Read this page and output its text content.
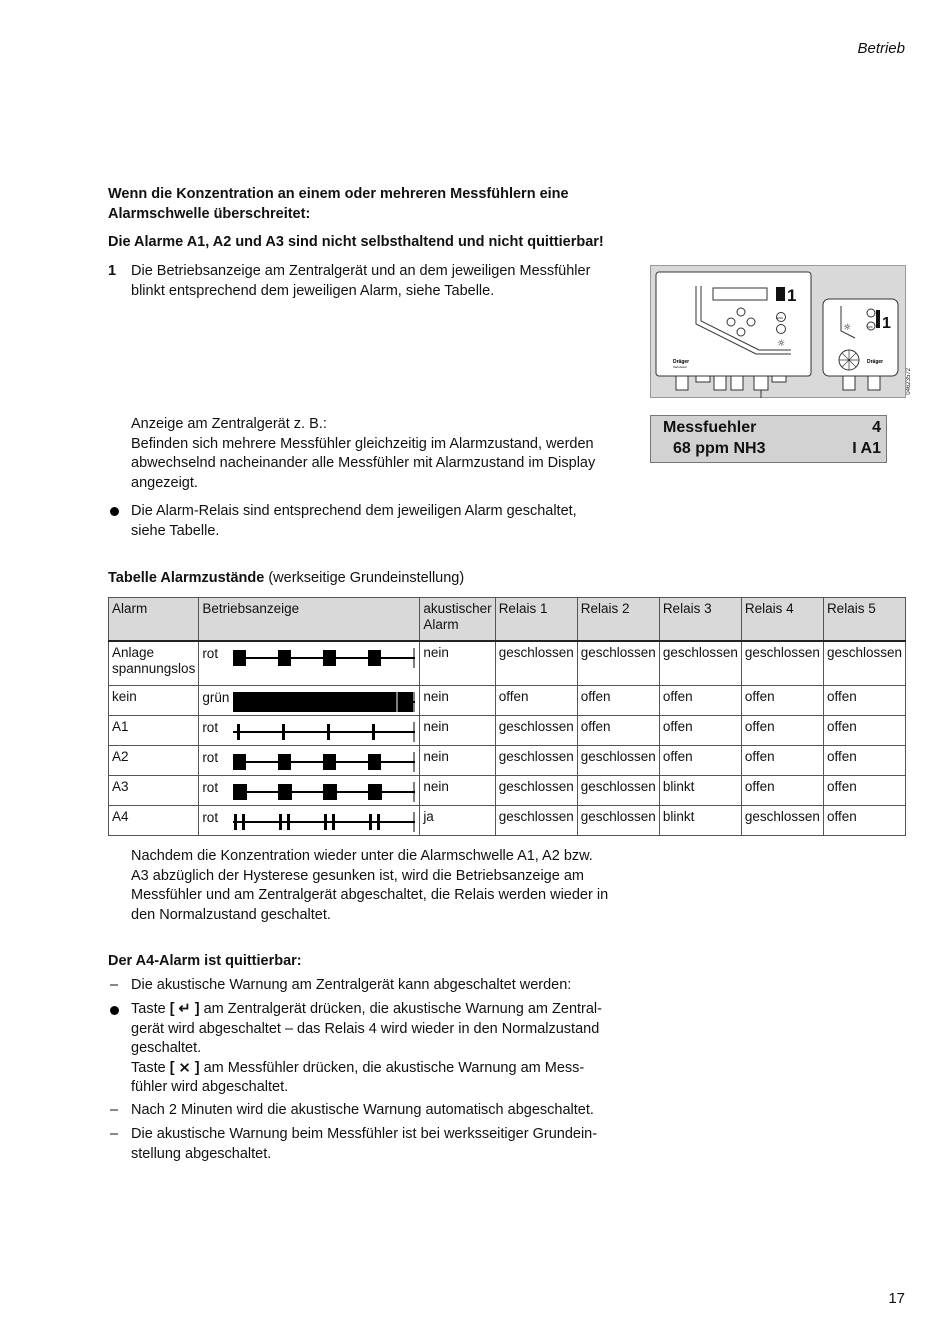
Betrieb
Wenn die Konzentration an einem oder mehreren Messfühlern eine
Alarmschwelle überschreitet:
Die Alarme A1, A2 und A3 sind nicht selbsthaltend und nicht quittierbar!
1 Die Betriebsanzeige am Zentralgerät und an dem jeweiligen Messfühler
blinkt entsprechend dem jeweiligen Alarm, siehe Tabelle.	1
ESC
☼
Dräger
VarioGard
1
OFF
☼
Dräger
04623572
Anzeige am Zentralgerät z. B.:
Befinden sich mehrere Messfühler gleichzeitig im Alarmzustand, werden
abwechselnd nacheinander alle Messfühler mit Alarmzustand im Display
angezeigt.
Messfuehler	4
68 ppm NH3	I A1
Die Alarm-Relais sind entsprechend dem jeweiligen Alarm geschaltet,
siehe Tabelle.
Tabelle Alarmzustände (werkseitige Grundeinstellung)
Alarm	Betriebsanzeige	akustischer Alarm	Relais 1	Relais 2	Relais 3	Relais 4	Relais 5
Anlage spannungslos	rot	nein	geschlossen	geschlossen	geschlossen	geschlossen	geschlossen
kein	grün	nein	offen	offen	offen	offen	offen
A1	rot	nein	geschlossen	offen	offen	offen	offen
A2	rot	nein	geschlossen	geschlossen	offen	offen	offen
A3	rot	nein	geschlossen	geschlossen	blinkt	offen	offen
A4	rot	ja	geschlossen	geschlossen	blinkt	geschlossen	offen
Nachdem die Konzentration wieder unter die Alarmschwelle A1, A2 bzw.
A3 abzüglich der Hysterese gesunken ist, wird die Betriebsanzeige am
Messfühler und am Zentralgerät abgeschaltet, die Relais werden wieder in
den Normalzustand geschaltet.
Der A4-Alarm ist quittierbar:
– Die akustische Warnung am Zentralgerät kann abgeschaltet werden:
Taste [ ↵ ] am Zentralgerät drücken, die akustische Warnung am Zentral-
gerät wird abgeschaltet – das Relais 4 wird wieder in den Normalzustand
geschaltet.
Taste [ ⨯ ] am Messfühler drücken, die akustische Warnung am Mess-
fühler wird abgeschaltet.
– Nach 2 Minuten wird die akustische Warnung automatisch abgeschaltet.
– Die akustische Warnung beim Messfühler ist bei werksseitiger Grundein-
stellung abgeschaltet.
17
